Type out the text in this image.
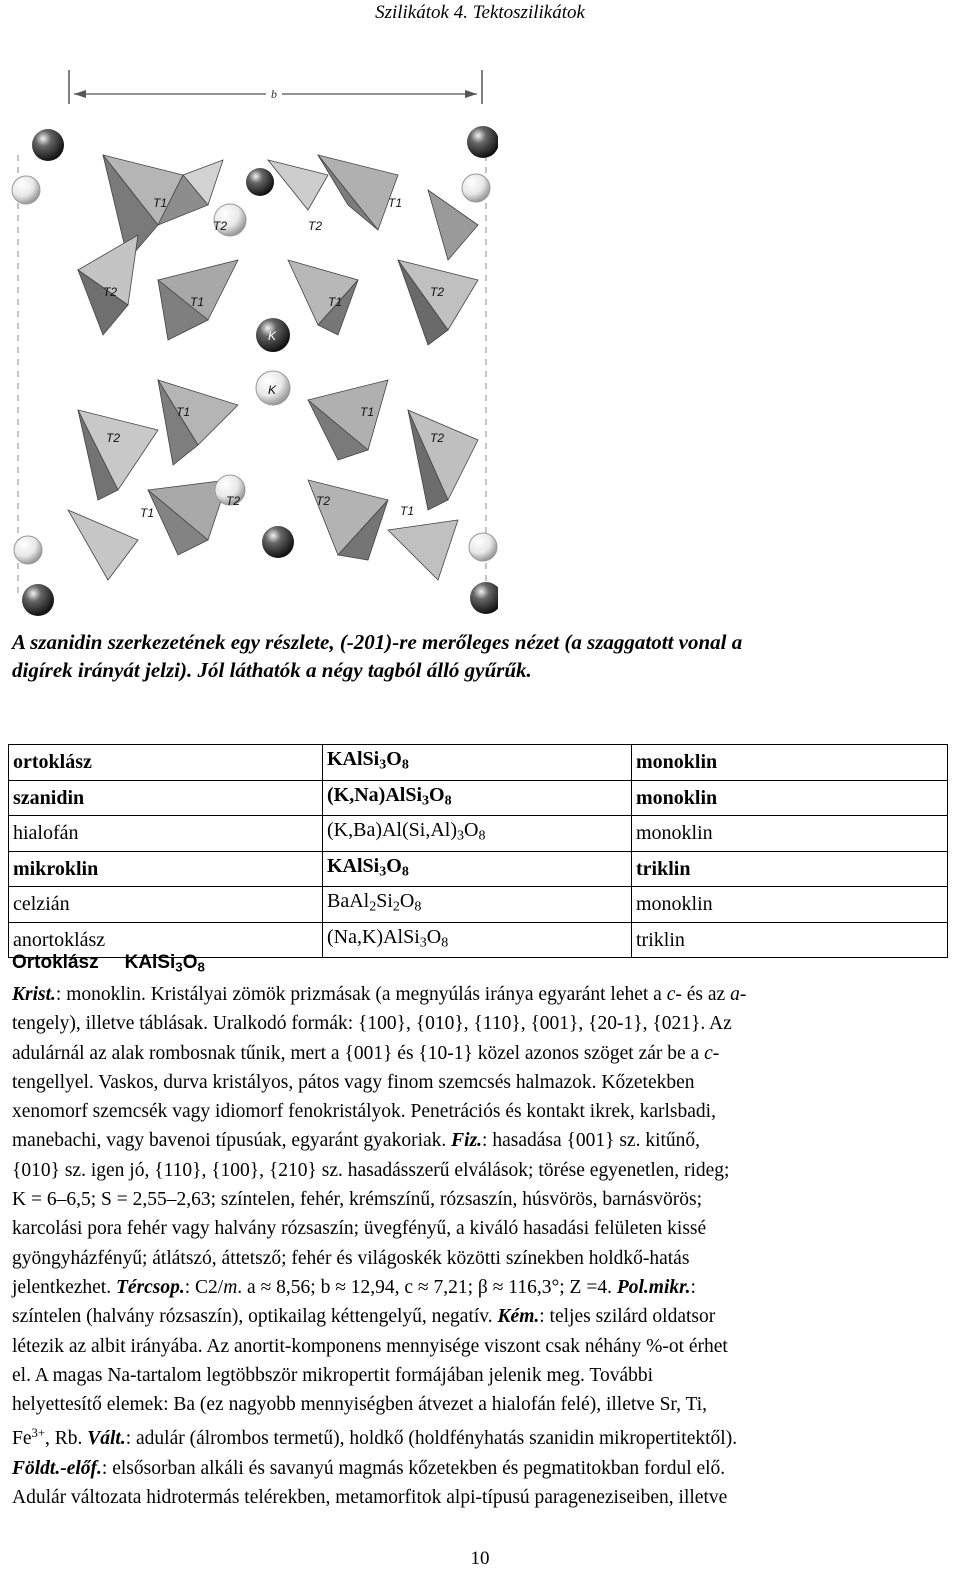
Szilikátok 4. Tektoszilikátok
b
T1	T1
T2	T2
T2
T1	T1
T2
K
K
T1	T1
T2	T2
T1
T2	T2
T1
A szanidin szerkezetének egy részlete, (-201)-re merőleges nézet (a szaggatott vonal a
digírek irányát jelzi). Jól láthatók a négy tagból álló gyűrűk.
ortoklász	$KAlSi_3O_8$	monoklin
szanidin	$(K,Na)AlSi_3O_8$	monoklin
hialofán	$(K,Ba)Al(Si,Al)_3O_8$	monoklin
mikroklin	$KAlSi_3O_8$	triklin
celzián	$BaAl_2Si_2O_8$	monoklin
anortoklász	$(Na,K)AlSi_3O_8$	triklin
Ortoklász $KAlSi_3O_8$
Krist.: monoklin. Kristályai zömök prizmásak (a megnyúlás iránya egyaránt lehet a c- és az a-
tengely), illetve táblásak. Uralkodó formák: {100}, {010}, {110}, {001}, {20-1}, {021}. Az
adulárnál az alak rombosnak tűnik, mert a {001} és {10-1} közel azonos szöget zár be a c-
tengellyel. Vaskos, durva kristályos, pátos vagy finom szemcsés halmazok. Kőzetekben
xenomorf szemcsék vagy idiomorf fenokristályok. Penetrációs és kontakt ikrek, karlsbadi,
manebachi, vagy bavenoi típusúak, egyaránt gyakoriak. Fiz.: hasadása {001} sz. kitűnő,
{010} sz. igen jó, {110}, {100}, {210} sz. hasadásszerű elválások; törése egyenetlen, rideg;
K = 6–6,5; S = 2,55–2,63; színtelen, fehér, krémszínű, rózsaszín, húsvörös, barnásvörös;
karcolási pora fehér vagy halvány rózsaszín; üvegfényű, a kiváló hasadási felületen kissé
gyöngyházfényű; átlátszó, áttetsző; fehér és világoskék közötti színekben holdkő-hatás
jelentkezhet. Tércsop.: C2/m. a ≈ 8,56; b ≈ 12,94, c ≈ 7,21; β ≈ 116,3°; Z =4. Pol.mikr.:
színtelen (halvány rózsaszín), optikailag kéttengelyű, negatív. Kém.: teljes szilárd oldatsor
létezik az albit irányába. Az anortit-komponens mennyisége viszont csak néhány %-ot érhet
el. A magas Na-tartalom legtöbbször mikropertit formájában jelenik meg. További
helyettesítő elemek: Ba (ez nagyobb mennyiségben átvezet a hialofán felé), illetve Sr, Ti,
$Fe^{3+}$, Rb. Vált.: adulár (álrombos termetű), holdkő (holdfényhatás szanidin mikropertitektől).
Földt.-előf.: elsősorban alkáli és savanyú magmás kőzetekben és pegmatitokban fordul elő.
Adulár változata hidrotermás telérekben, metamorfitok alpi-típusú parageneziseiben, illetve
10
